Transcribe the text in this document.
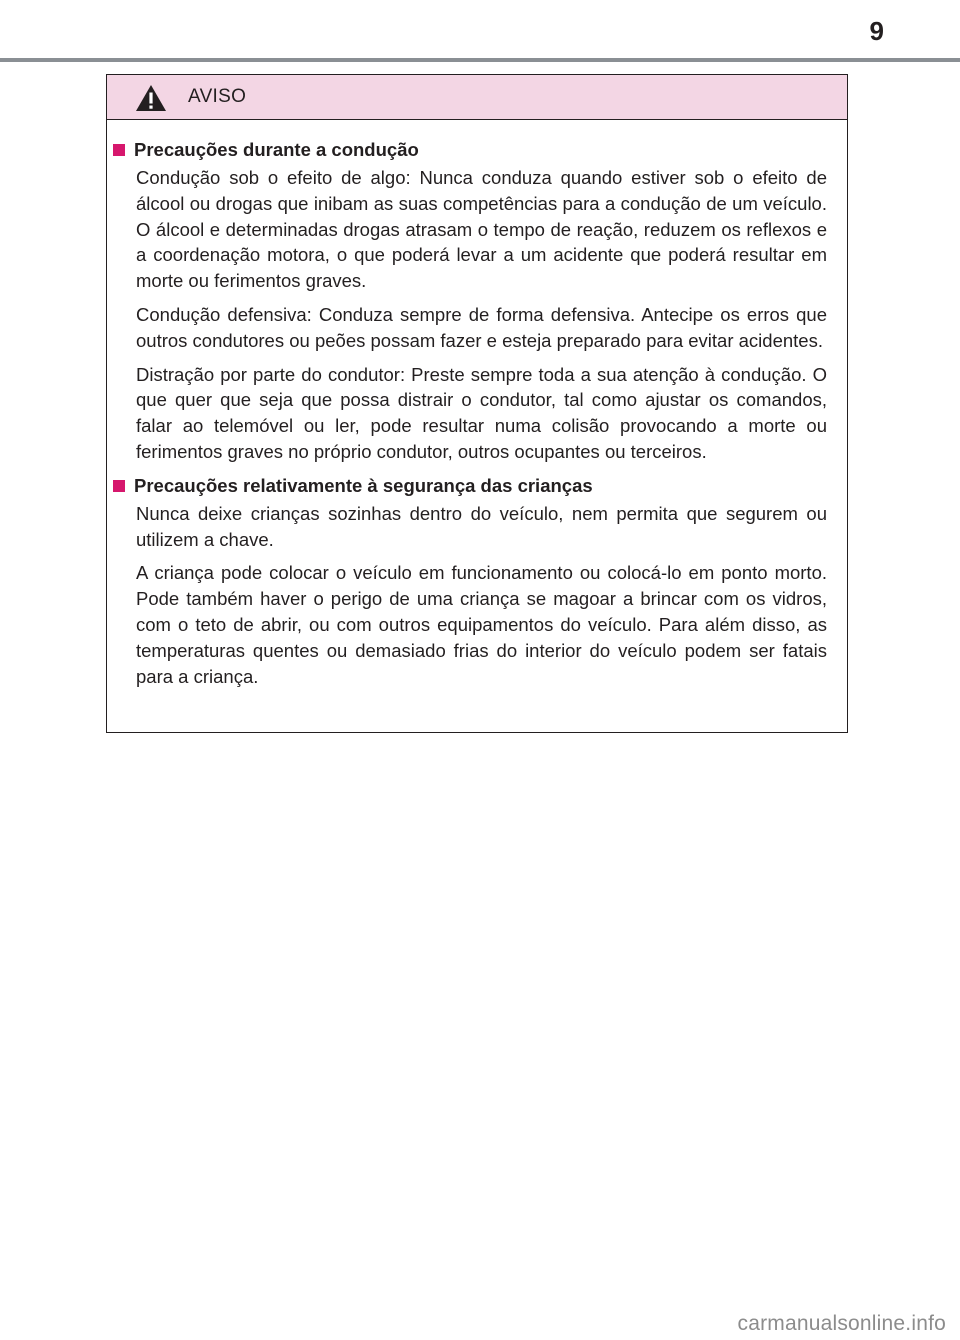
9
AVISO
Precauções durante a condução

Condução sob o efeito de algo: Nunca conduza quando estiver sob o efeito de álcool ou drogas que inibam as suas competências para a condução de um veículo. O álcool e determinadas drogas atrasam o tempo de reação, reduzem os reflexos e a coordenação motora, o que poderá levar a um acidente que poderá resultar em morte ou ferimentos graves.

Condução defensiva: Conduza sempre de forma defensiva. Antecipe os erros que outros condutores ou peões possam fazer e esteja preparado para evitar acidentes.

Distração por parte do condutor: Preste sempre toda a sua atenção à condução. O que quer que seja que possa distrair o condutor, tal como ajustar os comandos, falar ao telemóvel ou ler, pode resultar numa colisão provocando a morte ou ferimentos graves no próprio condutor, outros ocupantes ou terceiros.

Precauções relativamente à segurança das crianças

Nunca deixe crianças sozinhas dentro do veículo, nem permita que segurem ou utilizem a chave.

A criança pode colocar o veículo em funcionamento ou colocá-lo em ponto morto. Pode também haver o perigo de uma criança se magoar a brincar com os vidros, com o teto de abrir, ou com outros equipamentos do veículo. Para além disso, as temperaturas quentes ou demasiado frias do interior do veículo podem ser fatais para a criança.

carmanualsonline.info
